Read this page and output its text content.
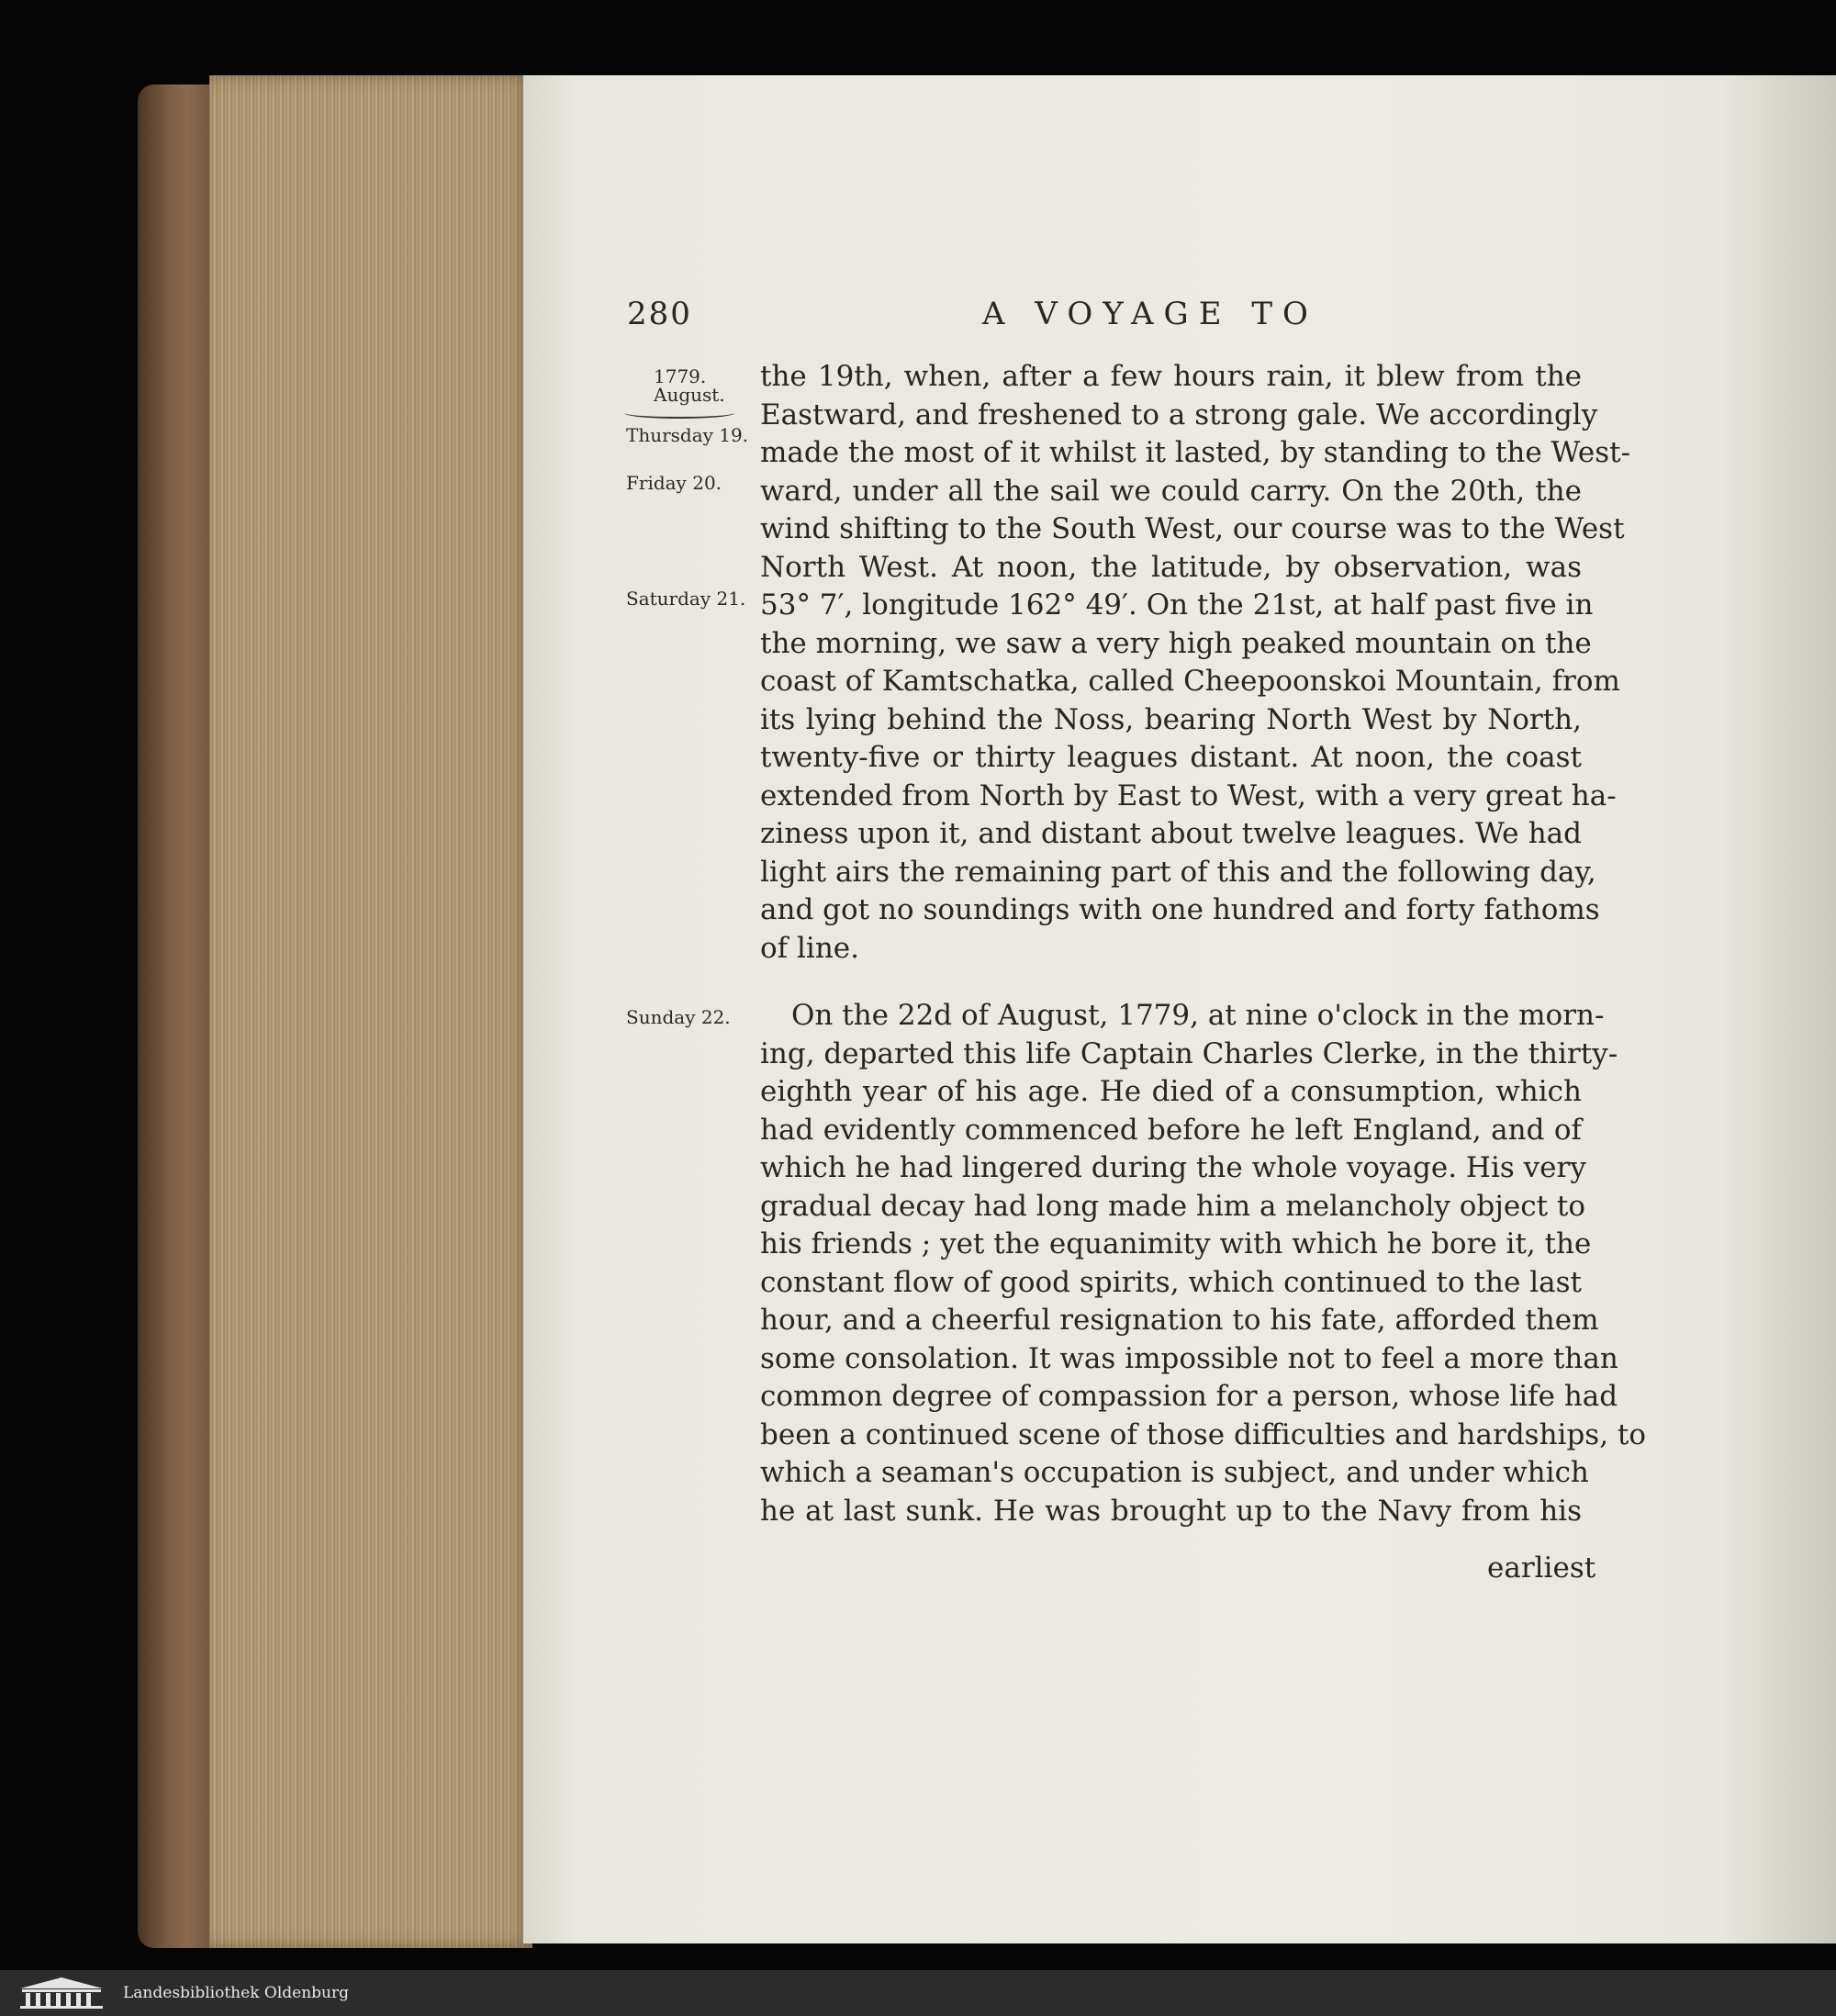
280	A VOYAGE TO
1779.
August.
Thursday 19.
Friday 20.
Saturday 21.
Sunday 22.
the 19th, when, after a few hours rain, it blew from the
Eastward, and freshened to a strong gale. We accordingly
made the most of it whilst it lasted, by standing to the West-
ward, under all the sail we could carry. On the 20th, the
wind shifting to the South West, our course was to the West
North West. At noon, the latitude, by observation, was
53° 7′, longitude 162° 49′. On the 21st, at half past five in
the morning, we saw a very high peaked mountain on the
coast of Kamtschatka, called Cheepoonskoi Mountain, from
its lying behind the Noss, bearing North West by North,
twenty-five or thirty leagues distant. At noon, the coast
extended from North by East to West, with a very great ha-
ziness upon it, and distant about twelve leagues. We had
light airs the remaining part of this and the following day,
and got no soundings with one hundred and forty fathoms
of line.
On the 22d of August, 1779, at nine o'clock in the morn-
ing, departed this life Captain Charles Clerke, in the thirty-
eighth year of his age. He died of a consumption, which
had evidently commenced before he left England, and of
which he had lingered during the whole voyage. His very
gradual decay had long made him a melancholy object to
his friends ; yet the equanimity with which he bore it, the
constant flow of good spirits, which continued to the last
hour, and a cheerful resignation to his fate, afforded them
some consolation. It was impossible not to feel a more than
common degree of compassion for a person, whose life had
been a continued scene of those difficulties and hardships, to
which a seaman's occupation is subject, and under which
he at last sunk. He was brought up to the Navy from his
earliest
Landesbibliothek Oldenburg
